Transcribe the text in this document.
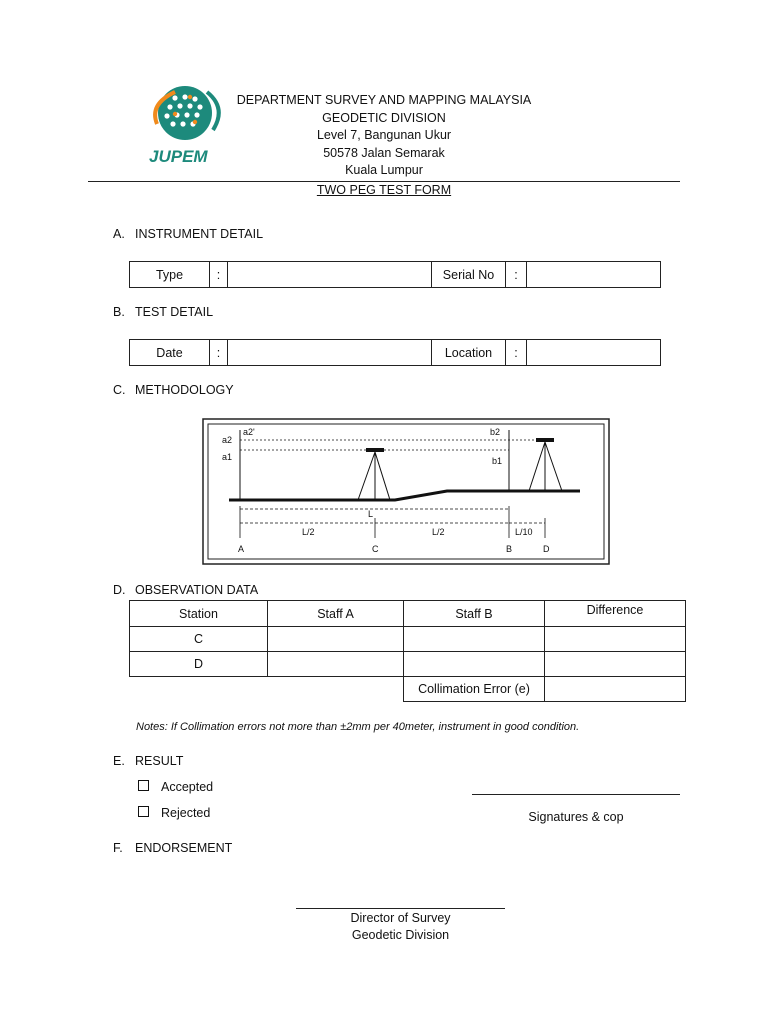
JUPEM
DEPARTMENT SURVEY AND MAPPING MALAYSIA
GEODETIC DIVISION
Level 7, Bangunan Ukur
50578 Jalan Semarak
Kuala Lumpur
TWO PEG TEST FORM
A. INSTRUMENT DETAIL
Type	:		Serial No	:	
B. TEST DETAIL
Date	:		Location	:	
C. METHODOLOGY
a2
a1
a2'	b2
b1
L
L/2	L/2	L/10
A	C	B	D
D. OBSERVATION DATA
Station	Staff A	Staff B	Difference
C			
D			
		Collimation Error (e)	
Notes: If Collimation errors not more than ±2mm per 40meter, instrument in good condition.
E. RESULT
Accepted
Rejected	Signatures & cop
F. ENDORSEMENT
Director of Survey
Geodetic Division
